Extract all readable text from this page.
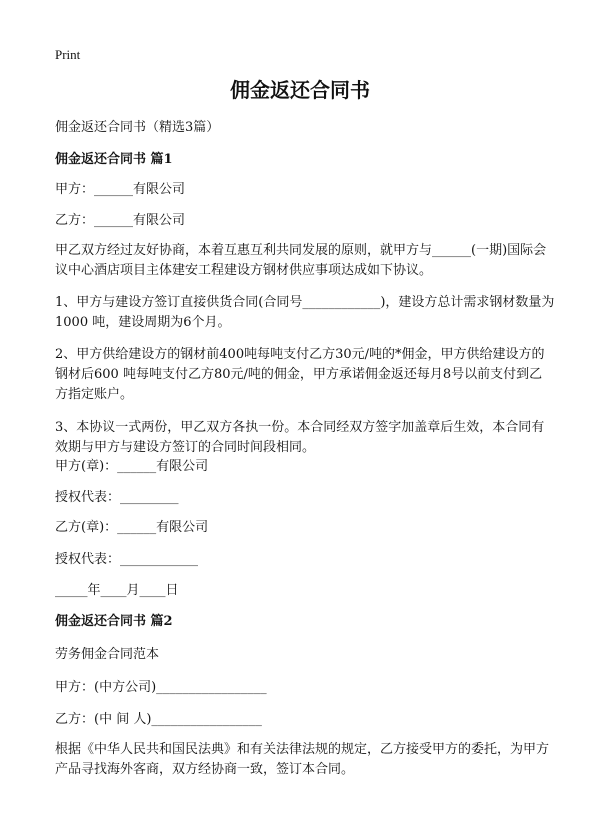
Print
佣金返还合同书
佣金返还合同书（精选3篇）
佣金返还合同书 篇1
甲方：______有限公司
乙方：______有限公司
甲乙双方经过友好协商，本着互惠互利共同发展的原则，就甲方与______(一期)国际会议中心酒店项目主体建安工程建设方钢材供应事项达成如下协议。
1、甲方与建设方签订直接供货合同(合同号____________)，建设方总计需求钢材数量为1000 吨，建设周期为6个月。
2、甲方供给建设方的钢材前400吨每吨支付乙方30元/吨的*佣金，甲方供给建设方的钢材后600 吨每吨支付乙方80元/吨的佣金，甲方承诺佣金返还每月8号以前支付到乙方指定账户。
3、本协议一式两份，甲乙双方各执一份。本合同经双方签字加盖章后生效，本合同有效期与甲方与建设方签订的合同时间段相同。
甲方(章)：______有限公司
授权代表：_________
乙方(章)：______有限公司
授权代表：____________
_____年____月____日
佣金返还合同书 篇2
劳务佣金合同范本
甲方：(中方公司)_________________
乙方：(中 间 人)_________________
根据《中华人民共和国民法典》和有关法律法规的规定，乙方接受甲方的委托，为甲方产品寻找海外客商，双方经协商一致，签订本合同。
